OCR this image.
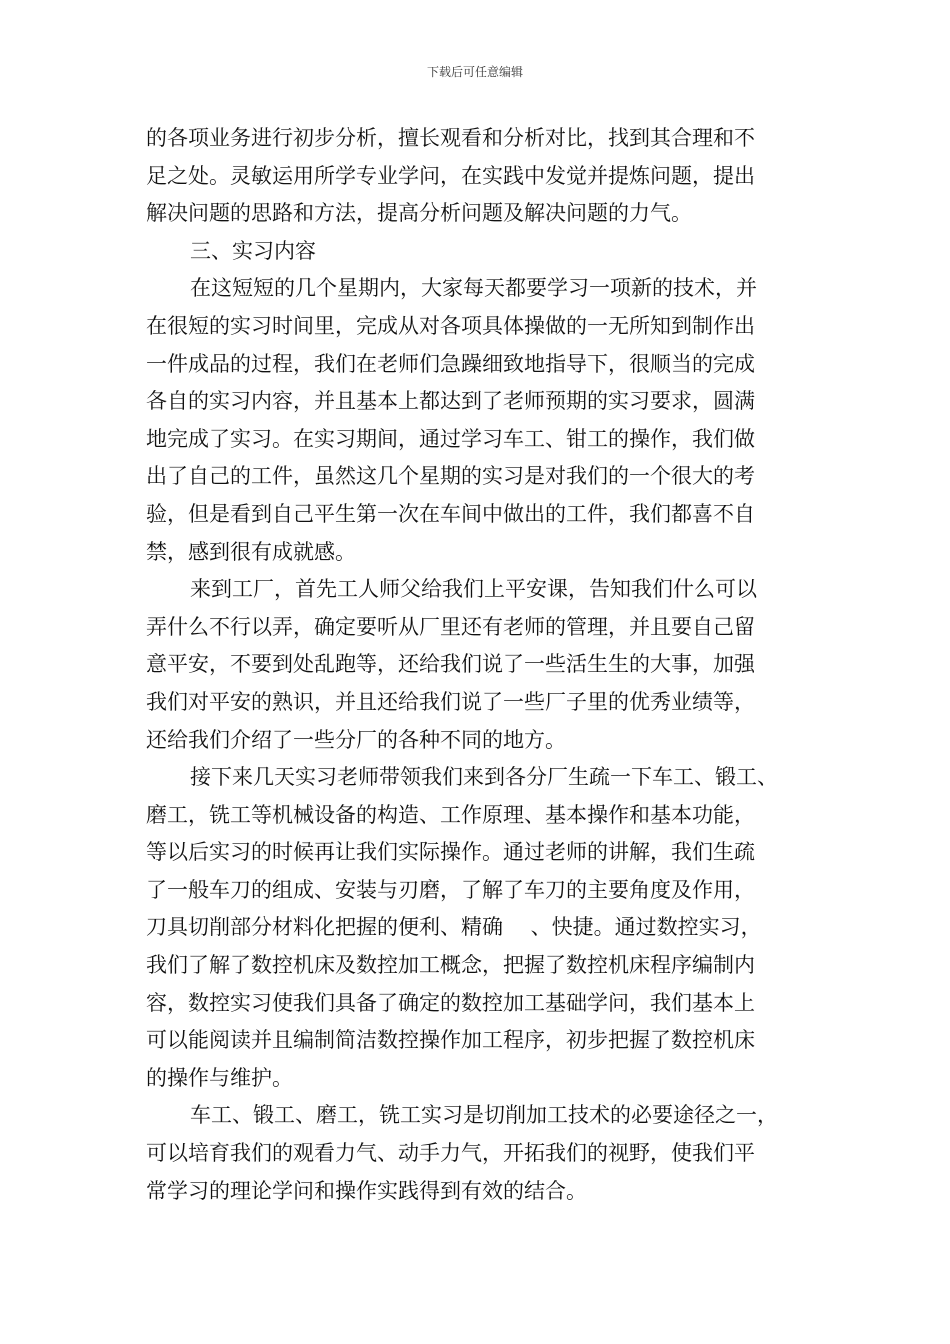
下载后可任意编辑
的各项业务进行初步分析，擅长观看和分析对比，找到其合理和不
足之处。灵敏运用所学专业学问，在实践中发觉并提炼问题，提出
解决问题的思路和方法，提高分析问题及解决问题的力气。
三、实习内容
在这短短的几个星期内，大家每天都要学习一项新的技术，并
在很短的实习时间里，完成从对各项具体操做的一无所知到制作出
一件成品的过程，我们在老师们急躁细致地指导下，很顺当的完成
各自的实习内容，并且基本上都达到了老师预期的实习要求，圆满
地完成了实习。在实习期间，通过学习车工、钳工的操作，我们做
出了自己的工件，虽然这几个星期的实习是对我们的一个很大的考
验，但是看到自己平生第一次在车间中做出的工件，我们都喜不自
禁，感到很有成就感。
来到工厂，首先工人师父给我们上平安课，告知我们什么可以
弄什么不行以弄，确定要听从厂里还有老师的管理，并且要自己留
意平安，不要到处乱跑等，还给我们说了一些活生生的大事，加强
我们对平安的熟识，并且还给我们说了一些厂子里的优秀业绩等，
还给我们介绍了一些分厂的各种不同的地方。
接下来几天实习老师带领我们来到各分厂生疏一下车工、锻工、
磨工，铣工等机械设备的构造、工作原理、基本操作和基本功能，
等以后实习的时候再让我们实际操作。通过老师的讲解，我们生疏
了一般车刀的组成、安装与刃磨，了解了车刀的主要角度及作用，
刀具切削部分材料化把握的便利、精确　 、快捷。通过数控实习，
我们了解了数控机床及数控加工概念，把握了数控机床程序编制内
容，数控实习使我们具备了确定的数控加工基础学问，我们基本上
可以能阅读并且编制简洁数控操作加工程序，初步把握了数控机床
的操作与维护。
车工、锻工、磨工，铣工实习是切削加工技术的必要途径之一，
可以培育我们的观看力气、动手力气，开拓我们的视野，使我们平
常学习的理论学问和操作实践得到有效的结合。
